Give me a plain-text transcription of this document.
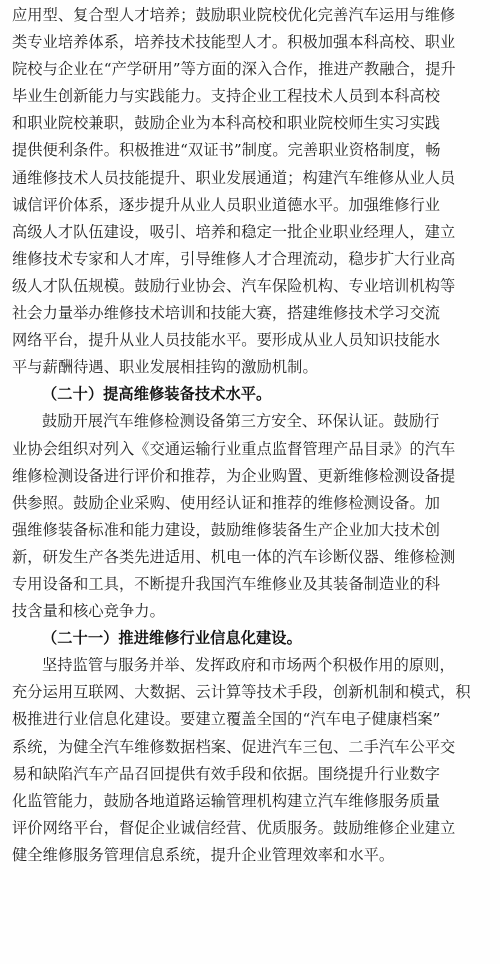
应用型、复合型人才培养；鼓励职业院校优化完善汽车运用与维修
类专业培养体系，培养技术技能型人才。积极加强本科高校、职业
院校与企业在“产学研用”等方面的深入合作，推进产教融合，提升
毕业生创新能力与实践能力。支持企业工程技术人员到本科高校
和职业院校兼职，鼓励企业为本科高校和职业院校师生实习实践
提供便利条件。积极推进“双证书”制度。完善职业资格制度，畅
通维修技术人员技能提升、职业发展通道；构建汽车维修从业人员
诚信评价体系，逐步提升从业人员职业道德水平。加强维修行业
高级人才队伍建设，吸引、培养和稳定一批企业职业经理人，建立
维修技术专家和人才库，引导维修人才合理流动，稳步扩大行业高
级人才队伍规模。鼓励行业协会、汽车保险机构、专业培训机构等
社会力量举办维修技术培训和技能大赛，搭建维修技术学习交流
网络平台，提升从业人员技能水平。要形成从业人员知识技能水
平与薪酬待遇、职业发展相挂钩的激励机制。
（二十）提高维修装备技术水平。
鼓励开展汽车维修检测设备第三方安全、环保认证。鼓励行
业协会组织对列入《交通运输行业重点监督管理产品目录》的汽车
维修检测设备进行评价和推荐，为企业购置、更新维修检测设备提
供参照。鼓励企业采购、使用经认证和推荐的维修检测设备。加
强维修装备标准和能力建设，鼓励维修装备生产企业加大技术创
新，研发生产各类先进适用、机电一体的汽车诊断仪器、维修检测
专用设备和工具，不断提升我国汽车维修业及其装备制造业的科
技含量和核心竞争力。
（二十一）推进维修行业信息化建设。
坚持监管与服务并举、发挥政府和市场两个积极作用的原则，
充分运用互联网、大数据、云计算等技术手段，创新机制和模式，积
极推进行业信息化建设。要建立覆盖全国的“汽车电子健康档案”
系统，为健全汽车维修数据档案、促进汽车三包、二手汽车公平交
易和缺陷汽车产品召回提供有效手段和依据。围绕提升行业数字
化监管能力，鼓励各地道路运输管理机构建立汽车维修服务质量
评价网络平台，督促企业诚信经营、优质服务。鼓励维修企业建立
健全维修服务管理信息系统，提升企业管理效率和水平。
